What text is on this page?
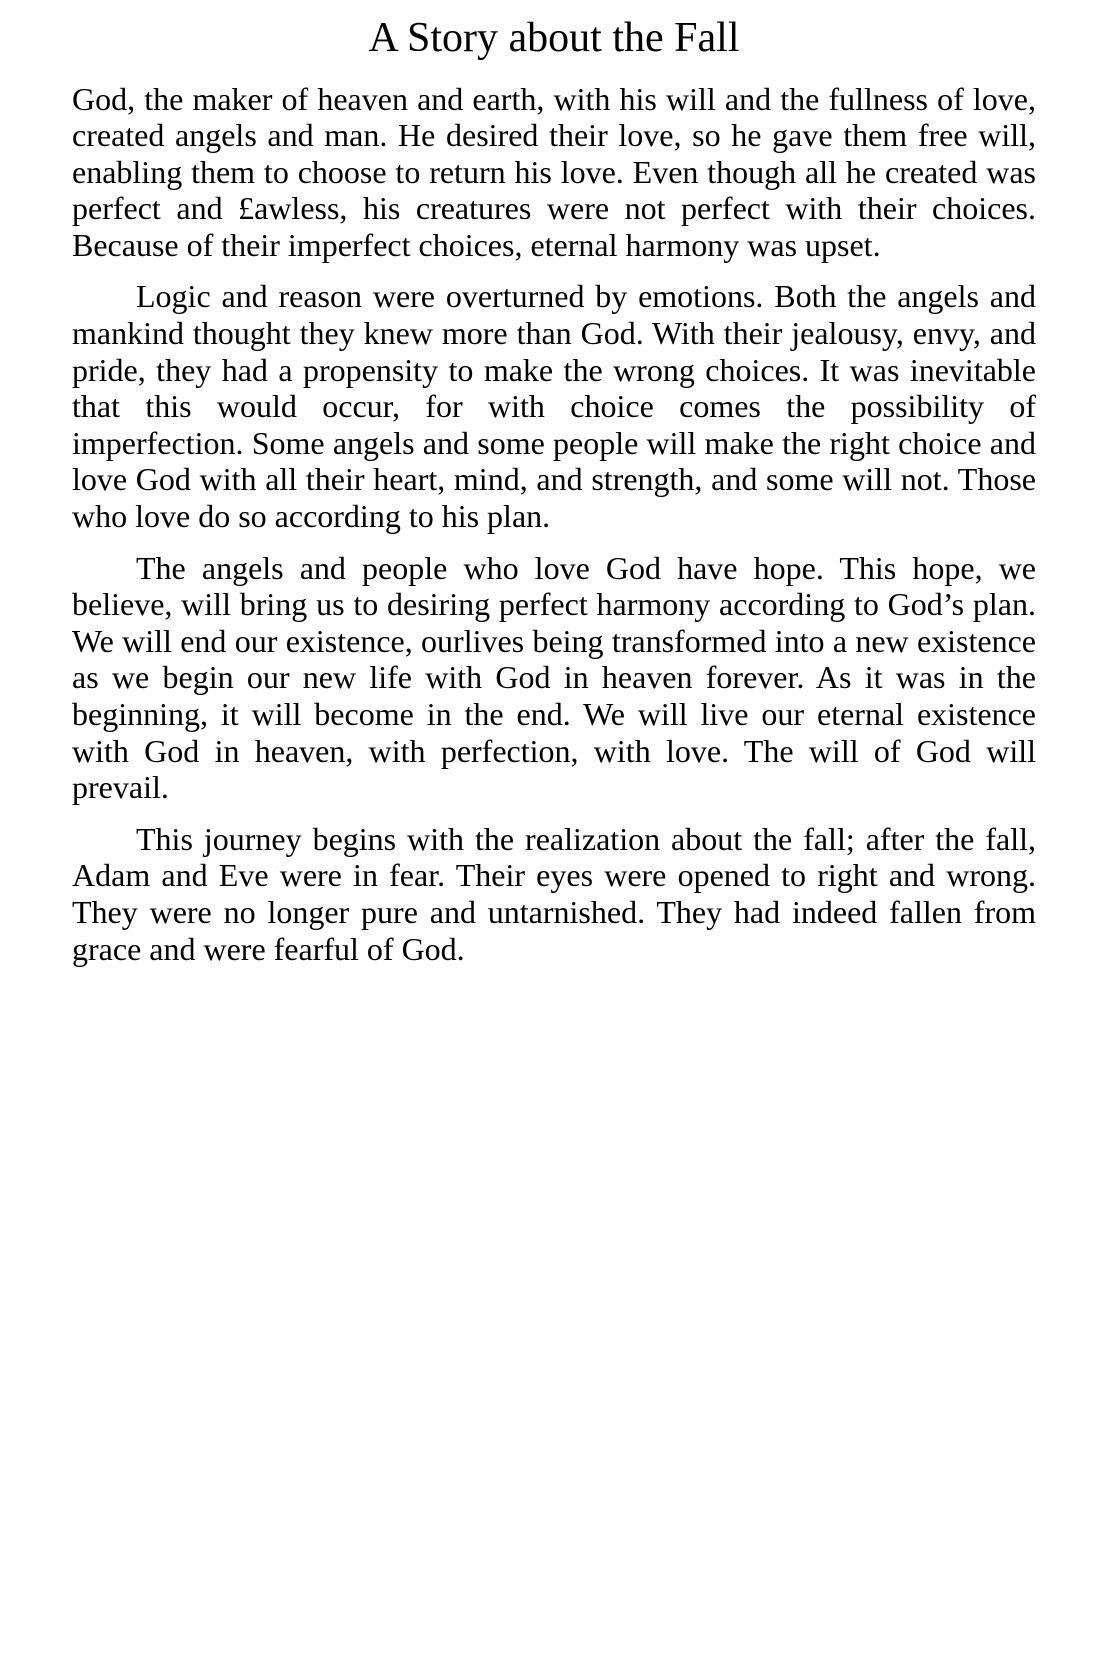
A Story about the Fall

God, the maker of heaven and earth, with his will and the fullness of love, created angels and man. He desired their love, so he gave them free will, enabling them to choose to return his love. Even though all he created was perfect and £awless, his creatures were not perfect with their choices. Because of their imperfect choices, eternal harmony was upset.

Logic and reason were overturned by emotions. Both the angels and mankind thought they knew more than God. With their jealousy, envy, and pride, they had a propensity to make the wrong choices. It was inevitable that this would occur, for with choice comes the possibility of imperfection. Some angels and some people will make the right choice and love God with all their heart, mind, and strength, and some will not. Those who love do so according to his plan.

The angels and people who love God have hope. This hope, we believe, will bring us to desiring perfect harmony according to God’s plan. We will end our existence, ourlives being transformed into a new existence as we begin our new life with God in heaven forever. As it was in the beginning, it will become in the end. We will live our eternal existence with God in heaven, with perfection, with love. The will of God will prevail.

This journey begins with the realization about the fall; after the fall, Adam and Eve were in fear. Their eyes were opened to right and wrong. They were no longer pure and untarnished. They had indeed fallen from grace and were fearful of God.
